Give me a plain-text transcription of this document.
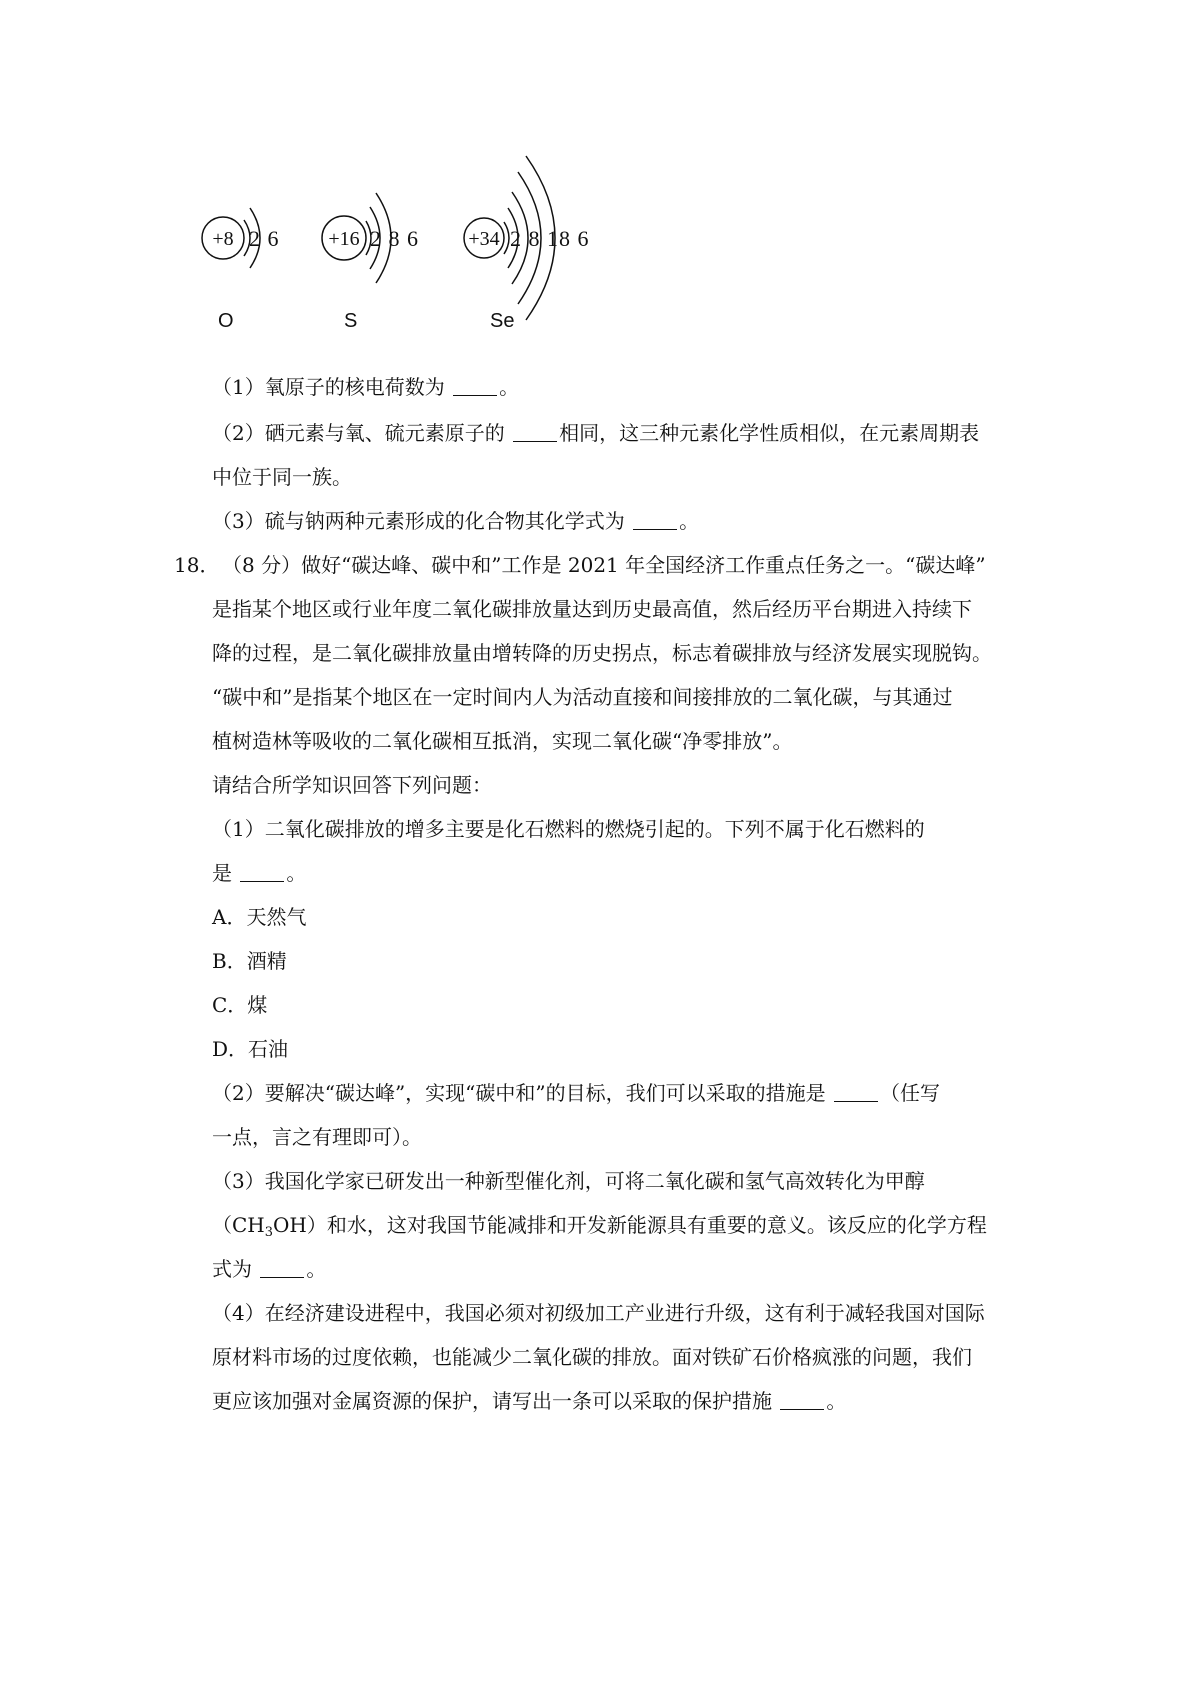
+8 2 6
O
+16 2 8 6
S
+34 2 8 18 6
Se
（1）氧原子的核电荷数为	。
（2）硒元素与氧、硫元素原子的	相同，这三种元素化学性质相似，在元素周期表
中位于同一族。
（3）硫与钠两种元素形成的化合物其化学式为	。
18． （8 分）做好“碳达峰、碳中和”工作是 2021 年全国经济工作重点任务之一。“碳达峰”
是指某个地区或行业年度二氧化碳排放量达到历史最高值，然后经历平台期进入持续下
降的过程，是二氧化碳排放量由增转降的历史拐点，标志着碳排放与经济发展实现脱钩。
“碳中和”是指某个地区在一定时间内人为活动直接和间接排放的二氧化碳，与其通过
植树造林等吸收的二氧化碳相互抵消，实现二氧化碳“净零排放”。
请结合所学知识回答下列问题：
（1）二氧化碳排放的增多主要是化石燃料的燃烧引起的。下列不属于化石燃料的
是	。
A．天然气
B．酒精
C．煤
D．石油
（2）要解决“碳达峰”，实现“碳中和”的目标，我们可以采取的措施是	（任写
一点，言之有理即可）。
（3）我国化学家已研发出一种新型催化剂，可将二氧化碳和氢气高效转化为甲醇
$(CH_3OH)$和水，这对我国节能减排和开发新能源具有重要的意义。该反应的化学方程
式为	。
（4）在经济建设进程中，我国必须对初级加工产业进行升级，这有利于减轻我国对国际
原材料市场的过度依赖，也能减少二氧化碳的排放。面对铁矿石价格疯涨的问题，我们
更应该加强对金属资源的保护，请写出一条可以采取的保护措施	。
